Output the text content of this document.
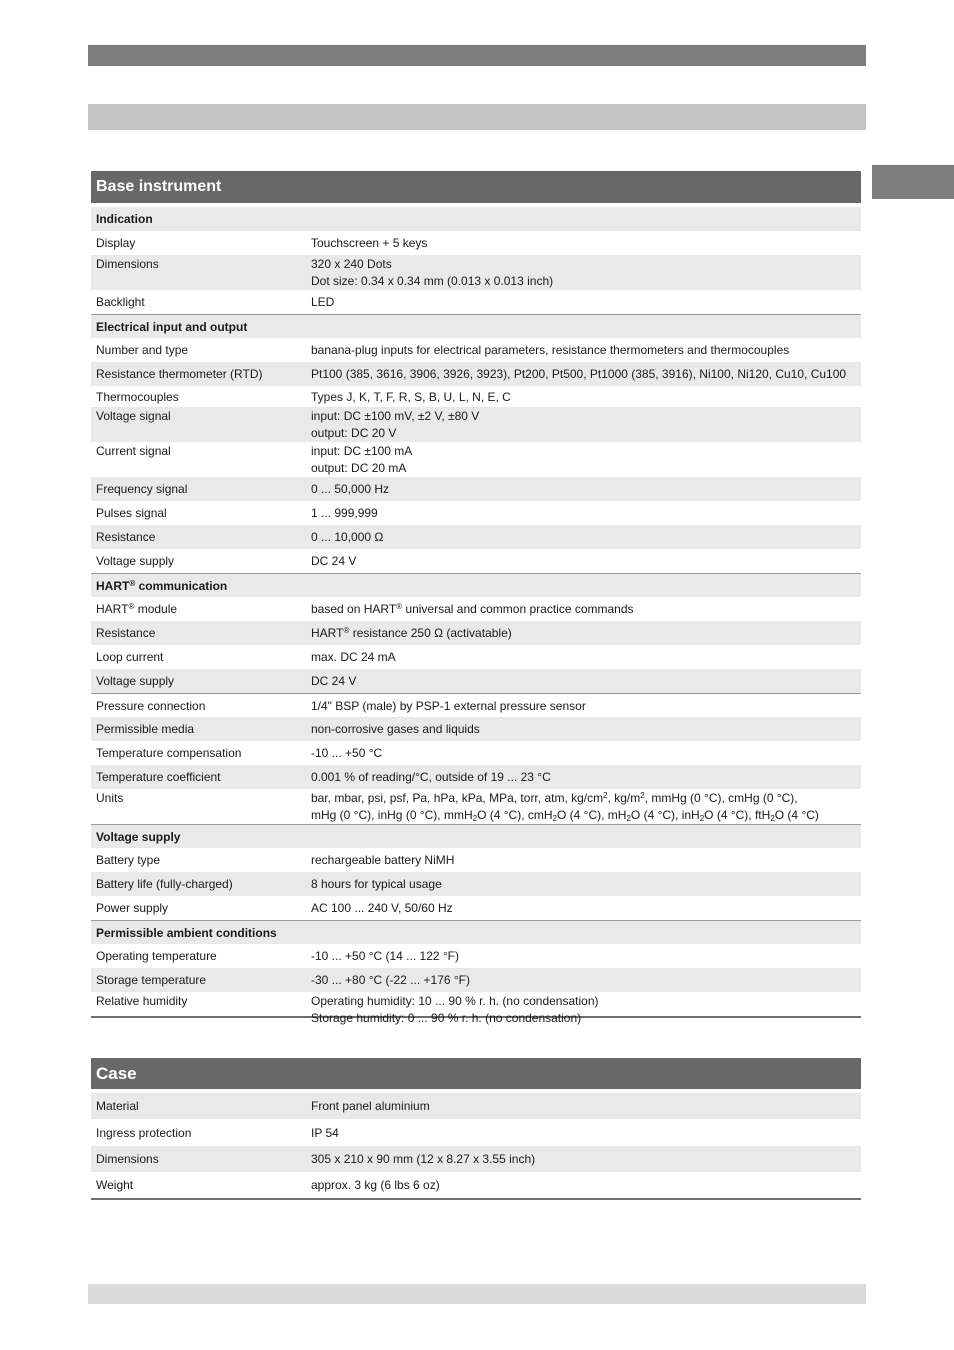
Base instrument
Indication
Display	Touchscreen + 5 keys
Dimensions	320 x 240 Dots
Dot size: 0.34 x 0.34 mm (0.013 x 0.013 inch)
Backlight	LED
Electrical input and output
Number and type	banana-plug inputs for electrical parameters, resistance thermometers and thermocouples
Resistance thermometer (RTD)	Pt100 (385, 3616, 3906, 3926, 3923), Pt200, Pt500, Pt1000 (385, 3916), Ni100, Ni120, Cu10, Cu100
Thermocouples	Types J, K, T, F, R, S, B, U, L, N, E, C
Voltage signal	input: DC ±100 mV, ±2 V, ±80 V
output: DC 20 V
Current signal	input: DC ±100 mA
output: DC 20 mA
Frequency signal	0 ... 50,000 Hz
Pulses signal	1 ... 999,999
Resistance	0 ... 10,000 Ω
Voltage supply	DC 24 V
HART® communication
HART® module	based on HART® universal and common practice commands
Resistance	HART® resistance 250 Ω (activatable)
Loop current	max. DC 24 mA
Voltage supply	DC 24 V
Pressure connection	1/4" BSP (male) by PSP-1 external pressure sensor
Permissible media	non-corrosive gases and liquids
Temperature compensation	-10 ... +50 °C
Temperature coefficient	0.001 % of reading/°C, outside of 19 ... 23 °C
Units	bar, mbar, psi, psf, Pa, hPa, kPa, MPa, torr, atm, $kg/cm^2$, $kg/m^2$, mmHg (0 °C), cmHg (0 °C),
mHg (0 °C), inHg (0 °C), mmH$_2$O (4 °C), cmH$_2$O (4 °C), $mH_2O$ (4 °C), inH$_2$O (4 °C), ftH$_2$O (4 °C)
Voltage supply
Battery type	rechargeable battery NiMH
Battery life (fully-charged)	8 hours for typical usage
Power supply	AC 100 ... 240 V, 50/60 Hz
Permissible ambient conditions
Operating temperature	-10 ... +50 °C (14 ... 122 °F)
Storage temperature	-30 ... +80 °C (-22 ... +176 °F)
Relative humidity	Operating humidity: 10 ... 90 % r. h. (no condensation)
Storage humidity: 0 ... 90 % r. h. (no condensation)
Case
Material	Front panel aluminium
Ingress protection	IP 54
Dimensions	305 x 210 x 90 mm (12 x 8.27 x 3.55 inch)
Weight	approx. 3 kg (6 lbs 6 oz)
